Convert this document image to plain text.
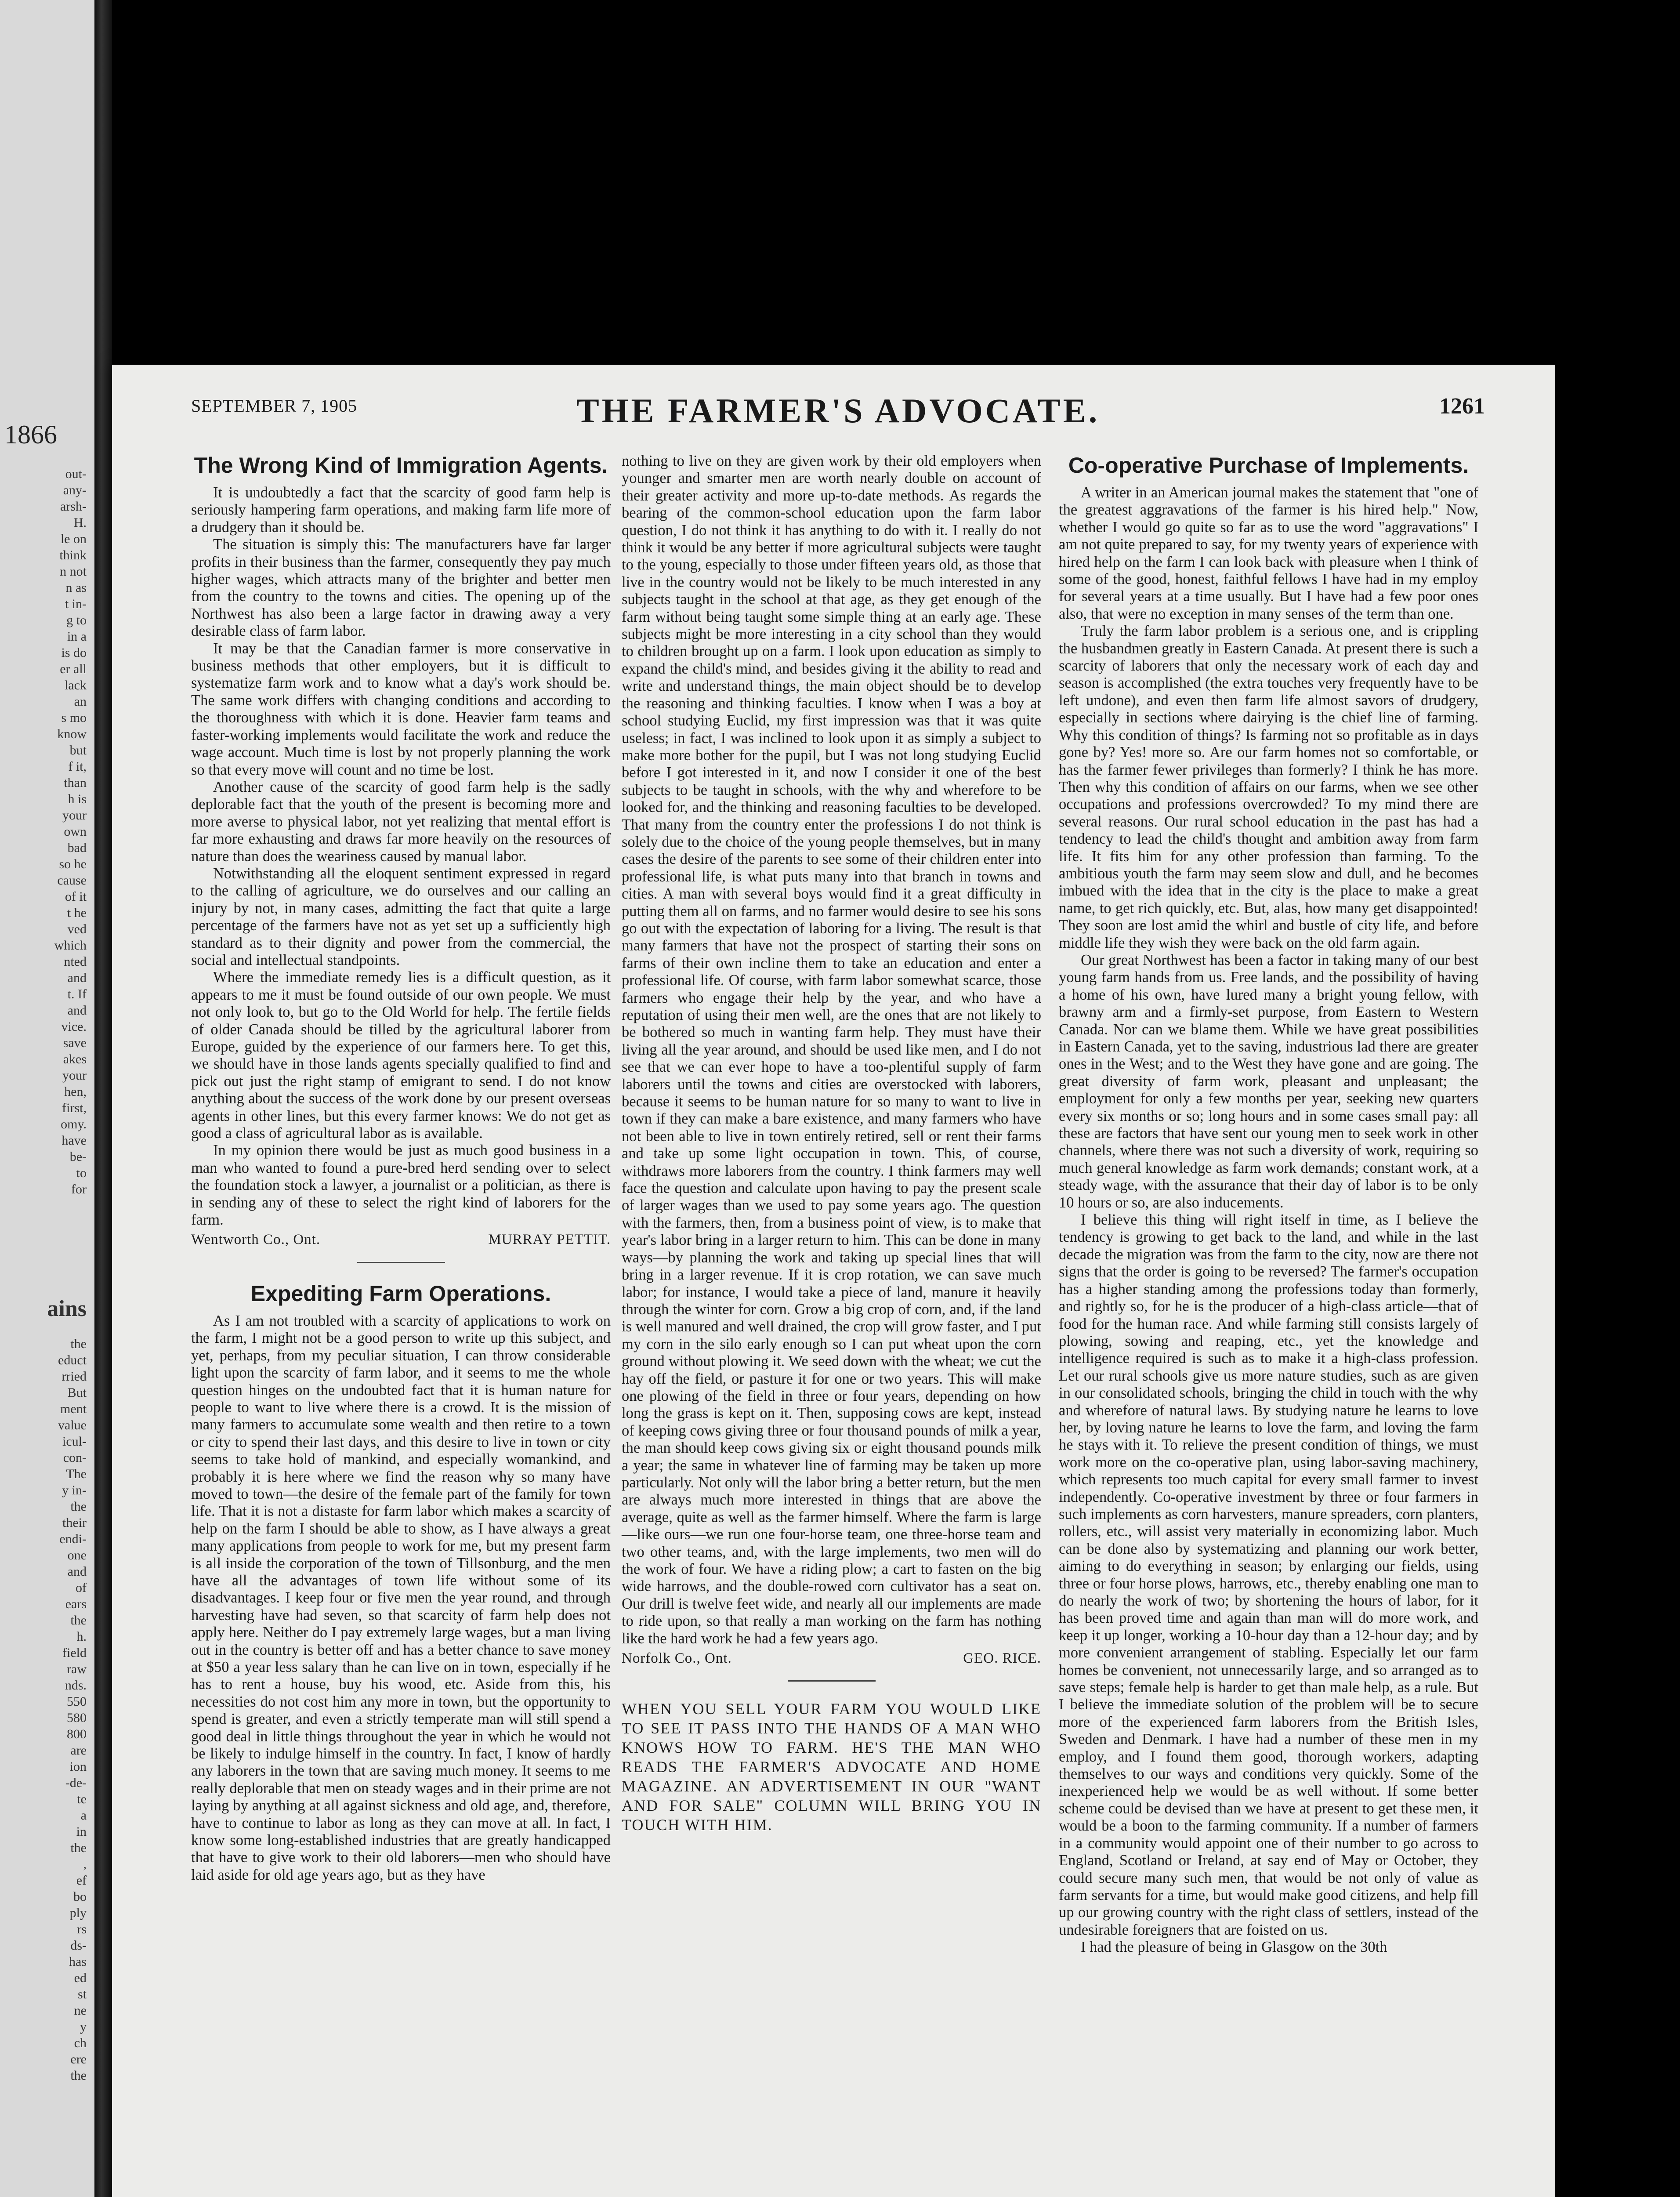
1866
out-
any-
arsh-
H.
le on
think
n not
n as
t in-
g to
in a
is do
er all
lack
an
s mo
know
but
f it,
than
h is
your
own
bad
so he
cause
of it
t he
ved
which
nted
and
t. If
and
vice.
save
akes
your
hen,
first,
omy.
have
be-
to
for
ains
the
educt
rried
But
ment
value
icul-
con-
The
y in-
the
their
endi-
one
and
of
ears
the
h.
field
raw
nds.
550
580
800
are
ion
-de-
te
a
in
the
,
ef
bo
ply
rs
ds-
has
ed
st
ne
y
ch
ere
the
SEPTEMBER 7, 1905	THE FARMER'S ADVOCATE.	1261
The Wrong Kind of Immigration Agents.

It is undoubtedly a fact that the scarcity of good farm help is seriously hampering farm operations, and making farm life more of a drudgery than it should be.

The situation is simply this: The manufacturers have far larger profits in their business than the farmer, consequently they pay much higher wages, which attracts many of the brighter and better men from the country to the towns and cities. The opening up of the Northwest has also been a large factor in drawing away a very desirable class of farm labor.

It may be that the Canadian farmer is more conservative in business methods that other employers, but it is difficult to systematize farm work and to know what a day's work should be. The same work differs with changing conditions and according to the thoroughness with which it is done. Heavier farm teams and faster-working implements would facilitate the work and reduce the wage account. Much time is lost by not properly planning the work so that every move will count and no time be lost.

Another cause of the scarcity of good farm help is the sadly deplorable fact that the youth of the present is becoming more and more averse to physical labor, not yet realizing that mental effort is far more exhausting and draws far more heavily on the resources of nature than does the weariness caused by manual labor.

Notwithstanding all the eloquent sentiment expressed in regard to the calling of agriculture, we do ourselves and our calling an injury by not, in many cases, admitting the fact that quite a large percentage of the farmers have not as yet set up a sufficiently high standard as to their dignity and power from the commercial, the social and intellectual standpoints.

Where the immediate remedy lies is a difficult question, as it appears to me it must be found outside of our own people. We must not only look to, but go to the Old World for help. The fertile fields of older Canada should be tilled by the agricultural laborer from Europe, guided by the experience of our farmers here. To get this, we should have in those lands agents specially qualified to find and pick out just the right stamp of emigrant to send. I do not know anything about the success of the work done by our present overseas agents in other lines, but this every farmer knows: We do not get as good a class of agricultural labor as is available.

In my opinion there would be just as much good business in a man who wanted to found a pure-bred herd sending over to select the foundation stock a lawyer, a journalist or a politician, as there is in sending any of these to select the right kind of laborers for the farm.

Wentworth Co., Ont.	MURRAY PETTIT.
Expediting Farm Operations.

As I am not troubled with a scarcity of applications to work on the farm, I might not be a good person to write up this subject, and yet, perhaps, from my peculiar situation, I can throw considerable light upon the scarcity of farm labor, and it seems to me the whole question hinges on the undoubted fact that it is human nature for people to want to live where there is a crowd. It is the mission of many farmers to accumulate some wealth and then retire to a town or city to spend their last days, and this desire to live in town or city seems to take hold of mankind, and especially womankind, and probably it is here where we find the reason why so many have moved to town—the desire of the female part of the family for town life. That it is not a distaste for farm labor which makes a scarcity of help on the farm I should be able to show, as I have always a great many applications from people to work for me, but my present farm is all inside the corporation of the town of Tillsonburg, and the men have all the advantages of town life without some of its disadvantages. I keep four or five men the year round, and through harvesting have had seven, so that scarcity of farm help does not apply here. Neither do I pay extremely large wages, but a man living out in the country is better off and has a better chance to save money at $50 a year less salary than he can live on in town, especially if he has to rent a house, buy his wood, etc. Aside from this, his necessities do not cost him any more in town, but the opportunity to spend is greater, and even a strictly temperate man will still spend a good deal in little things throughout the year in which he would not be likely to indulge himself in the country. In fact, I know of hardly any laborers in the town that are saving much money. It seems to me really deplorable that men on steady wages and in their prime are not laying by anything at all against sickness and old age, and, therefore, have to continue to labor as long as they can move at all. In fact, I know some long-established industries that are greatly handicapped that have to give work to their old laborers—men who should have laid aside for old age years ago, but as they have

nothing to live on they are given work by their old employers when younger and smarter men are worth nearly double on account of their greater activity and more up-to-date methods. As regards the bearing of the common-school education upon the farm labor question, I do not think it has anything to do with it. I really do not think it would be any better if more agricultural subjects were taught to the young, especially to those under fifteen years old, as those that live in the country would not be likely to be much interested in any subjects taught in the school at that age, as they get enough of the farm without being taught some simple thing at an early age. These subjects might be more interesting in a city school than they would to children brought up on a farm. I look upon education as simply to expand the child's mind, and besides giving it the ability to read and write and understand things, the main object should be to develop the reasoning and thinking faculties. I know when I was a boy at school studying Euclid, my first impression was that it was quite useless; in fact, I was inclined to look upon it as simply a subject to make more bother for the pupil, but I was not long studying Euclid before I got interested in it, and now I consider it one of the best subjects to be taught in schools, with the why and wherefore to be looked for, and the thinking and reasoning faculties to be developed. That many from the country enter the professions I do not think is solely due to the choice of the young people themselves, but in many cases the desire of the parents to see some of their children enter into professional life, is what puts many into that branch in towns and cities. A man with several boys would find it a great difficulty in putting them all on farms, and no farmer would desire to see his sons go out with the expectation of laboring for a living. The result is that many farmers that have not the prospect of starting their sons on farms of their own incline them to take an education and enter a professional life. Of course, with farm labor somewhat scarce, those farmers who engage their help by the year, and who have a reputation of using their men well, are the ones that are not likely to be bothered so much in wanting farm help. They must have their living all the year around, and should be used like men, and I do not see that we can ever hope to have a too-plentiful supply of farm laborers until the towns and cities are overstocked with laborers, because it seems to be human nature for so many to want to live in town if they can make a bare existence, and many farmers who have not been able to live in town entirely retired, sell or rent their farms and take up some light occupation in town. This, of course, withdraws more laborers from the country. I think farmers may well face the question and calculate upon having to pay the present scale of larger wages than we used to pay some years ago. The question with the farmers, then, from a business point of view, is to make that year's labor bring in a larger return to him. This can be done in many ways—by planning the work and taking up special lines that will bring in a larger revenue. If it is crop rotation, we can save much labor; for instance, I would take a piece of land, manure it heavily through the winter for corn. Grow a big crop of corn, and, if the land is well manured and well drained, the crop will grow faster, and I put my corn in the silo early enough so I can put wheat upon the corn ground without plowing it. We seed down with the wheat; we cut the hay off the field, or pasture it for one or two years. This will make one plowing of the field in three or four years, depending on how long the grass is kept on it. Then, supposing cows are kept, instead of keeping cows giving three or four thousand pounds of milk a year, the man should keep cows giving six or eight thousand pounds milk a year; the same in whatever line of farming may be taken up more particularly. Not only will the labor bring a better return, but the men are always much more interested in things that are above the average, quite as well as the farmer himself. Where the farm is large—like ours—we run one four-horse team, one three-horse team and two other teams, and, with the large implements, two men will do the work of four. We have a riding plow; a cart to fasten on the big wide harrows, and the double-rowed corn cultivator has a seat on. Our drill is twelve feet wide, and nearly all our implements are made to ride upon, so that really a man working on the farm has nothing like the hard work he had a few years ago.

Norfolk Co., Ont.	GEO. RICE.

WHEN YOU SELL YOUR FARM YOU WOULD LIKE TO SEE IT PASS INTO THE HANDS OF A MAN WHO KNOWS HOW TO FARM. HE'S THE MAN WHO READS THE FARMER'S ADVOCATE AND HOME MAGAZINE. AN ADVERTISEMENT IN OUR "WANT AND FOR SALE" COLUMN WILL BRING YOU IN TOUCH WITH HIM.

Co-operative Purchase of Implements.

A writer in an American journal makes the statement that "one of the greatest aggravations of the farmer is his hired help." Now, whether I would go quite so far as to use the word "aggravations" I am not quite prepared to say, for my twenty years of experience with hired help on the farm I can look back with pleasure when I think of some of the good, honest, faithful fellows I have had in my employ for several years at a time usually. But I have had a few poor ones also, that were no exception in many senses of the term than one.

Truly the farm labor problem is a serious one, and is crippling the husbandmen greatly in Eastern Canada. At present there is such a scarcity of laborers that only the necessary work of each day and season is accomplished (the extra touches very frequently have to be left undone), and even then farm life almost savors of drudgery, especially in sections where dairying is the chief line of farming. Why this condition of things? Is farming not so profitable as in days gone by? Yes! more so. Are our farm homes not so comfortable, or has the farmer fewer privileges than formerly? I think he has more. Then why this condition of affairs on our farms, when we see other occupations and professions overcrowded? To my mind there are several reasons. Our rural school education in the past has had a tendency to lead the child's thought and ambition away from farm life. It fits him for any other profession than farming. To the ambitious youth the farm may seem slow and dull, and he becomes imbued with the idea that in the city is the place to make a great name, to get rich quickly, etc. But, alas, how many get disappointed! They soon are lost amid the whirl and bustle of city life, and before middle life they wish they were back on the old farm again.

Our great Northwest has been a factor in taking many of our best young farm hands from us. Free lands, and the possibility of having a home of his own, have lured many a bright young fellow, with brawny arm and a firmly-set purpose, from Eastern to Western Canada. Nor can we blame them. While we have great possibilities in Eastern Canada, yet to the saving, industrious lad there are greater ones in the West; and to the West they have gone and are going. The great diversity of farm work, pleasant and unpleasant; the employment for only a few months per year, seeking new quarters every six months or so; long hours and in some cases small pay: all these are factors that have sent our young men to seek work in other channels, where there was not such a diversity of work, requiring so much general knowledge as farm work demands; constant work, at a steady wage, with the assurance that their day of labor is to be only 10 hours or so, are also inducements.

I believe this thing will right itself in time, as I believe the tendency is growing to get back to the land, and while in the last decade the migration was from the farm to the city, now are there not signs that the order is going to be reversed? The farmer's occupation has a higher standing among the professions today than formerly, and rightly so, for he is the producer of a high-class article—that of food for the human race. And while farming still consists largely of plowing, sowing and reaping, etc., yet the knowledge and intelligence required is such as to make it a high-class profession. Let our rural schools give us more nature studies, such as are given in our consolidated schools, bringing the child in touch with the why and wherefore of natural laws. By studying nature he learns to love her, by loving nature he learns to love the farm, and loving the farm he stays with it. To relieve the present condition of things, we must work more on the co-operative plan, using labor-saving machinery, which represents too much capital for every small farmer to invest independently. Co-operative investment by three or four farmers in such implements as corn harvesters, manure spreaders, corn planters, rollers, etc., will assist very materially in economizing labor. Much can be done also by systematizing and planning our work better, aiming to do everything in season; by enlarging our fields, using three or four horse plows, harrows, etc., thereby enabling one man to do nearly the work of two; by shortening the hours of labor, for it has been proved time and again than man will do more work, and keep it up longer, working a 10-hour day than a 12-hour day; and by more convenient arrangement of stabling. Especially let our farm homes be convenient, not unnecessarily large, and so arranged as to save steps; female help is harder to get than male help, as a rule. But I believe the immediate solution of the problem will be to secure more of the experienced farm laborers from the British Isles, Sweden and Denmark. I have had a number of these men in my employ, and I found them good, thorough workers, adapting themselves to our ways and conditions very quickly. Some of the inexperienced help we would be as well without. If some better scheme could be devised than we have at present to get these men, it would be a boon to the farming community. If a number of farmers in a community would appoint one of their number to go across to England, Scotland or Ireland, at say end of May or October, they could secure many such men, that would be not only of value as farm servants for a time, but would make good citizens, and help fill up our growing country with the right class of settlers, instead of the undesirable foreigners that are foisted on us.

I had the pleasure of being in Glasgow on the 30th
